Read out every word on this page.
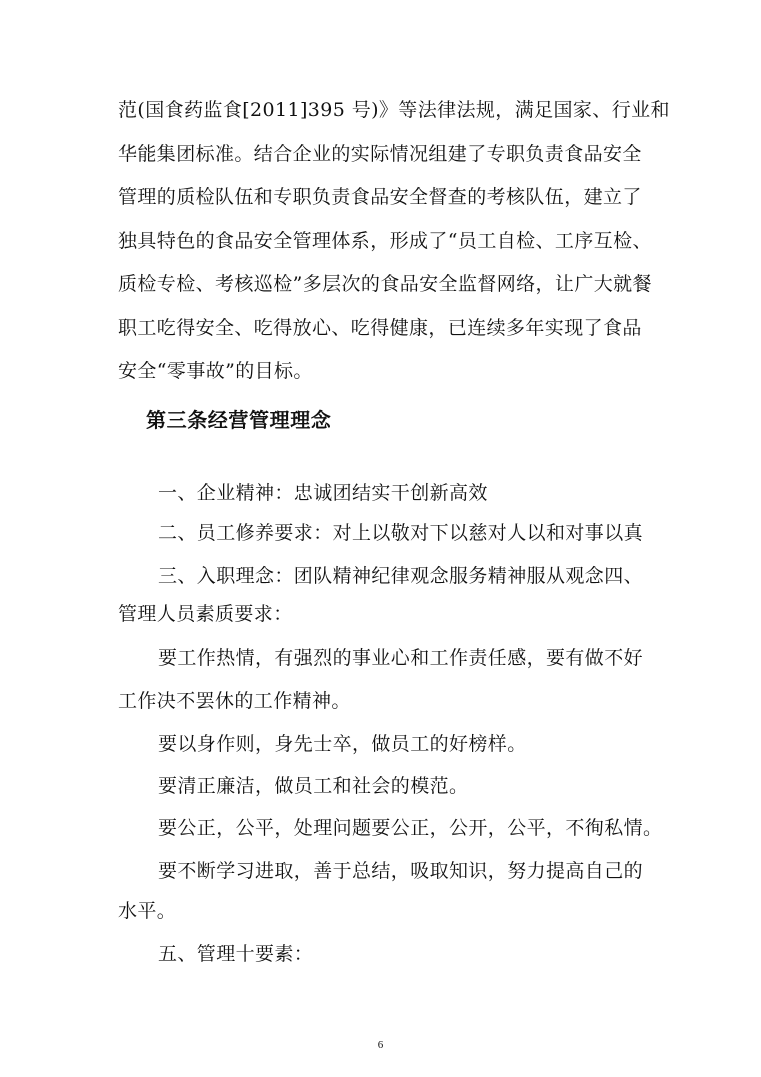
范(国食药监食[2011]395 号)》等法律法规，满足国家、行业和
华能集团标准。结合企业的实际情况组建了专职负责食品安全
管理的质检队伍和专职负责食品安全督查的考核队伍，建立了
独具特色的食品安全管理体系，形成了“员工自检、工序互检、
质检专检、考核巡检”多层次的食品安全监督网络，让广大就餐
职工吃得安全、吃得放心、吃得健康，已连续多年实现了食品
安全“零事故”的目标。
第三条经营管理理念
一、企业精神：忠诚团结实干创新高效
二、员工修养要求：对上以敬对下以慈对人以和对事以真
三、入职理念：团队精神纪律观念服务精神服从观念四、
管理人员素质要求：
要工作热情，有强烈的事业心和工作责任感，要有做不好
工作决不罢休的工作精神。
要以身作则，身先士卒，做员工的好榜样。
要清正廉洁，做员工和社会的模范。
要公正，公平，处理问题要公正，公开，公平，不徇私情。
要不断学习进取，善于总结，吸取知识，努力提高自己的
水平。
五、管理十要素：
6
